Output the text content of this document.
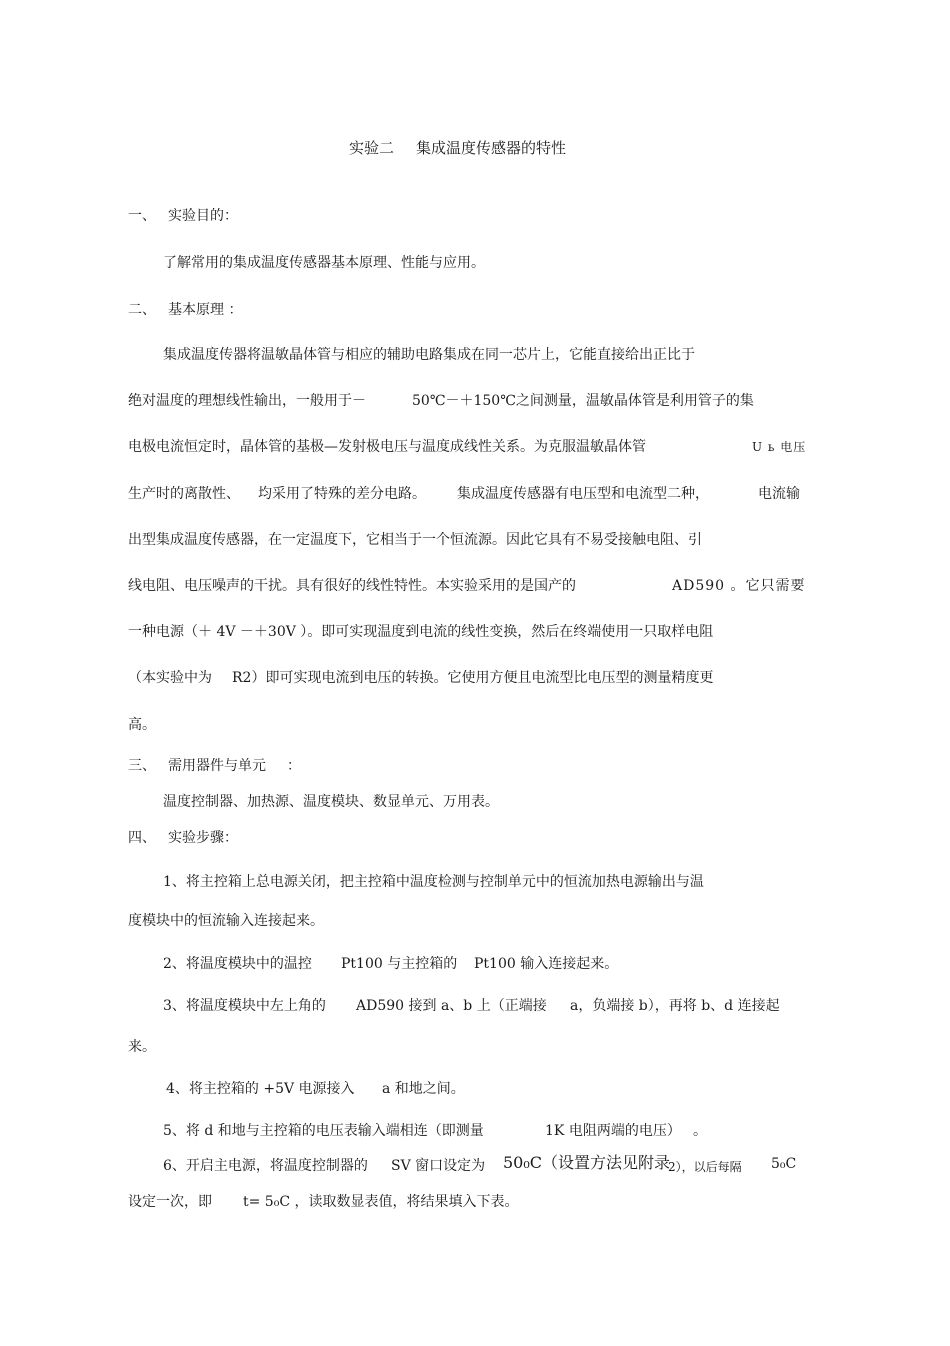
实验二 集成温度传感器的特性
一、 实验目的：
了解常用的集成温度传感器基本原理、性能与应用。
二、 基本原理 ：
集成温度传器将温敏晶体管与相应的辅助电路集成在同一芯片上，它能直接给出正比于
绝对温度的理想线性输出，一般用于－	50℃－＋150℃之间测量，温敏晶体管是利用管子的集
电极电流恒定时，晶体管的基极—发射极电压与温度成线性关系。为克服温敏晶体管	U ь 电压
生产时的离散性、 均采用了特殊的差分电路。 集成温度传感器有电压型和电流型二种，	电流输
出型集成温度传感器，在一定温度下，它相当于一个恒流源。因此它具有不易受接触电阻、引
线电阻、电压噪声的干扰。具有很好的线性特性。本实验采用的是国产的	AD590 。它只需要
一种电源（＋ 4V －＋30V ）。即可实现温度到电流的线性变换，然后在终端使用一只取样电阻
（本实验中为 R2）即可实现电流到电压的转换。它使用方便且电流型比电压型的测量精度更
高。
三、 需用器件与单元 ：
温度控制器、加热源、温度模块、数显单元、万用表。
四、 实验步骤：
1、将主控箱上总电源关闭，把主控箱中温度检测与控制单元中的恒流加热电源输出与温
度模块中的恒流输入连接起来。
2、将温度模块中的温控 Pt100 与主控箱的 Pt100 输入连接起来。
3、将温度模块中左上角的 AD590 接到 a、b 上（正端接 a，负端接 b），再将 b、d 连接起
来。
4、将主控箱的 +5V 电源接入 a 和地之间。
5、将 d 和地与主控箱的电压表输入端相连（即测量	1K 电阻两端的电压） 。
6、开启主电源，将温度控制器的 SV 窗口设定为 50₀C（设置方法见附录
2），以后每隔 5₀C
设定一次，即 t= 5₀C ，读取数显表值，将结果填入下表。
